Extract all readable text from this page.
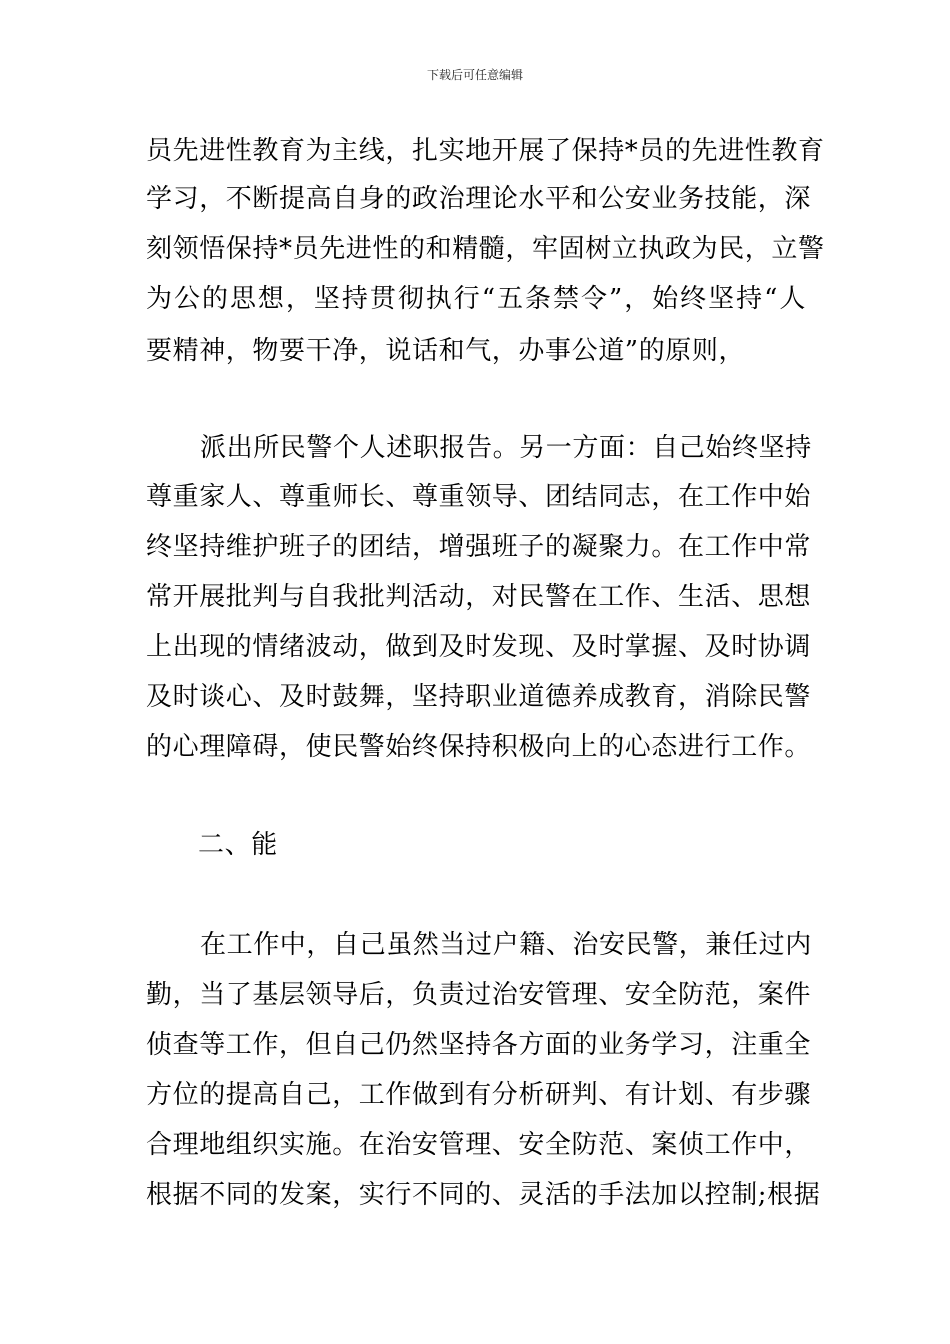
下载后可任意编辑
员先进性教育为主线，扎实地开展了保持*员的先进性教育
学习，不断提高自身的政治理论水平和公安业务技能，深
刻领悟保持*员先进性的和精髓，牢固树立执政为民，立警
为公的思想，坚持贯彻执行“五条禁令”，始终坚持“人
要精神，物要干净，说话和气，办事公道”的原则，
派出所民警个人述职报告。另一方面：自己始终坚持
尊重家人、尊重师长、尊重领导、团结同志，在工作中始
终坚持维护班子的团结，增强班子的凝聚力。在工作中常
常开展批判与自我批判活动，对民警在工作、生活、思想
上出现的情绪波动，做到及时发现、及时掌握、及时协调
及时谈心、及时鼓舞，坚持职业道德养成教育，消除民警
的心理障碍，使民警始终保持积极向上的心态进行工作。
二、能
在工作中，自己虽然当过户籍、治安民警，兼任过内
勤，当了基层领导后，负责过治安管理、安全防范，案件
侦查等工作，但自己仍然坚持各方面的业务学习，注重全
方位的提高自己，工作做到有分析研判、有计划、有步骤
合理地组织实施。在治安管理、安全防范、案侦工作中，
根据不同的发案，实行不同的、灵活的手法加以控制;根据
